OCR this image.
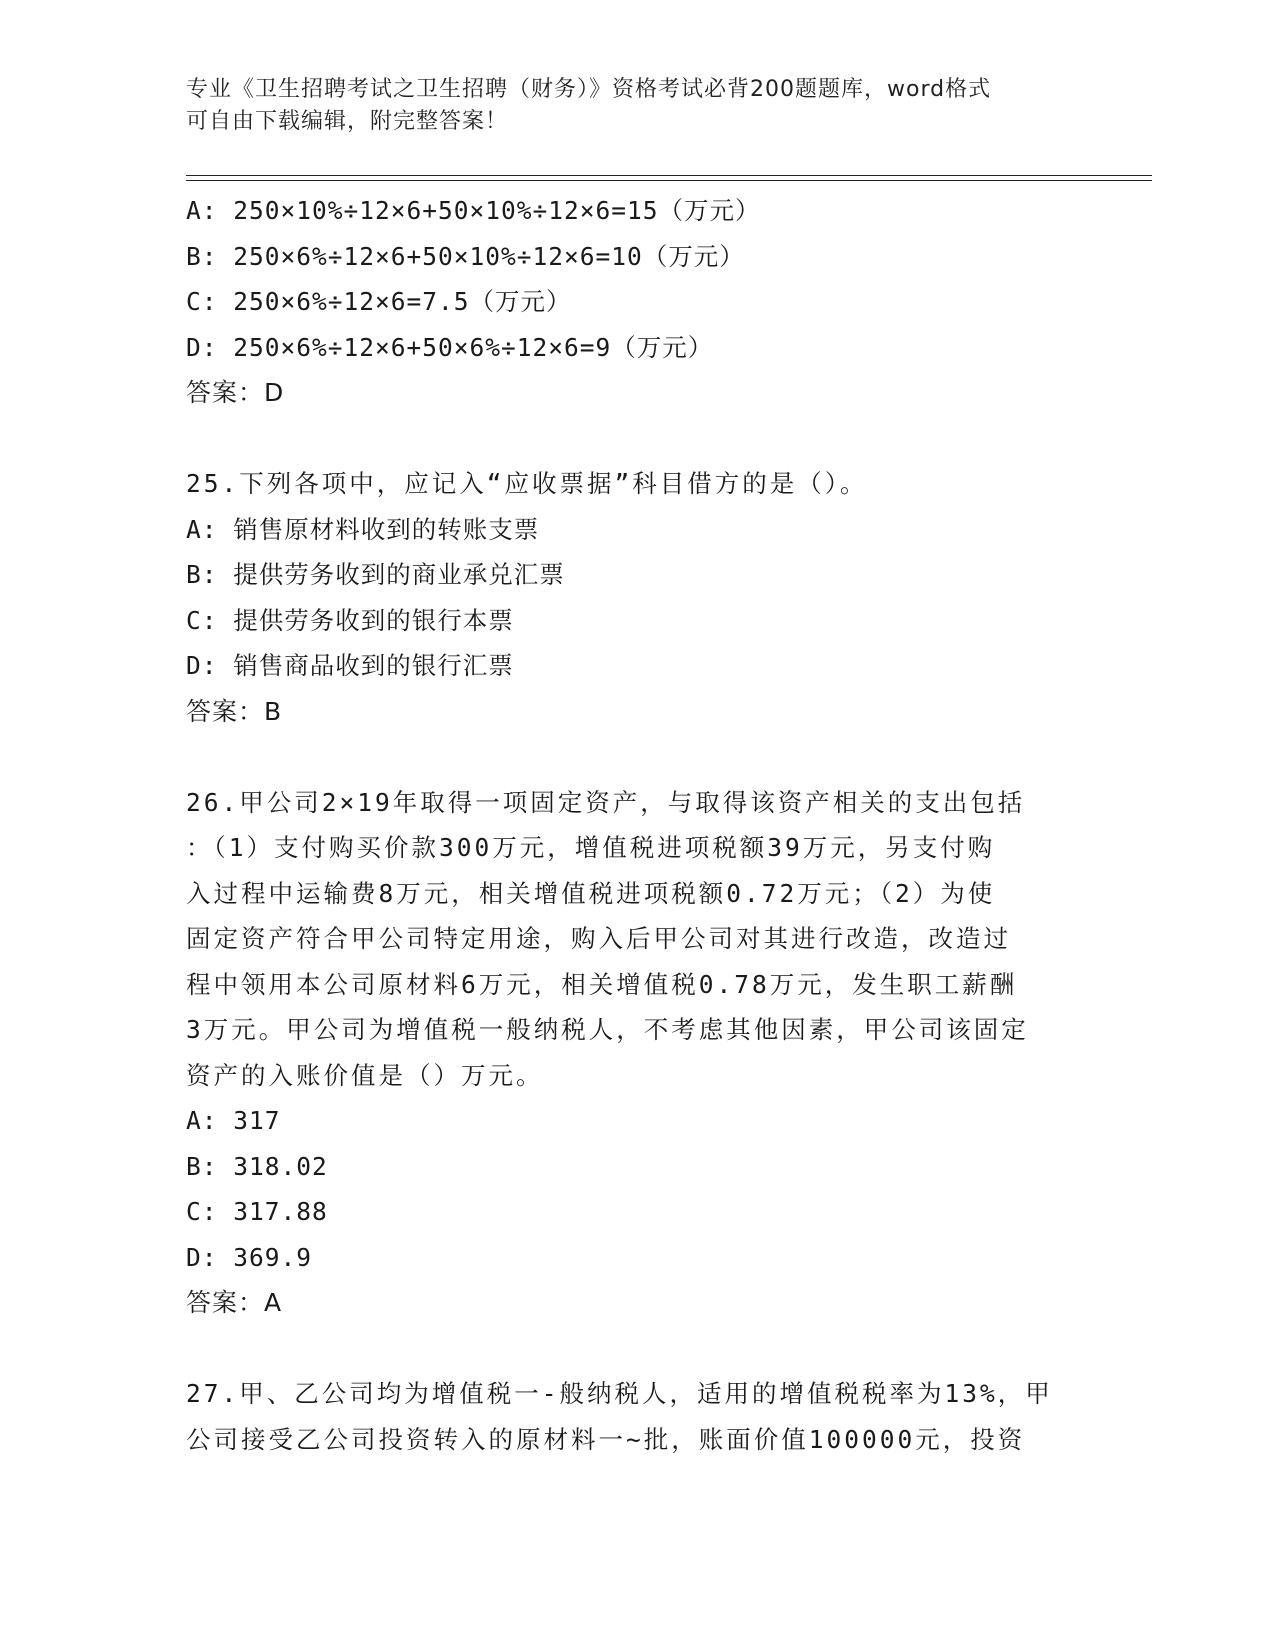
专业《卫生招聘考试之卫生招聘（财务）》资格考试必背200题题库，word格式
可自由下载编辑，附完整答案！
A: 250×10%÷12×6+50×10%÷12×6=15（万元）
B: 250×6%÷12×6+50×10%÷12×6=10（万元）
C: 250×6%÷12×6=7.5（万元）
D: 250×6%÷12×6+50×6%÷12×6=9（万元）
答案：D
25.下列各项中，应记入“应收票据”科目借方的是（）。
A: 销售原材料收到的转账支票
B: 提供劳务收到的商业承兑汇票
C: 提供劳务收到的银行本票
D: 销售商品收到的银行汇票
答案：B
26.甲公司2×19年取得一项固定资产，与取得该资产相关的支出包括
：（1）支付购买价款300万元，增值税进项税额39万元，另支付购
入过程中运输费8万元，相关增值税进项税额0.72万元；（2）为使
固定资产符合甲公司特定用途，购入后甲公司对其进行改造，改造过
程中领用本公司原材料6万元，相关增值税0.78万元，发生职工薪酬
3万元。甲公司为增值税一般纳税人，不考虑其他因素，甲公司该固定
资产的入账价值是（）万元。
A: 317
B: 318.02
C: 317.88
D: 369.9
答案：A
27.甲、乙公司均为增值税一-般纳税人，适用的增值税税率为13%，甲
公司接受乙公司投资转入的原材料一~批，账面价值100000元，投资
